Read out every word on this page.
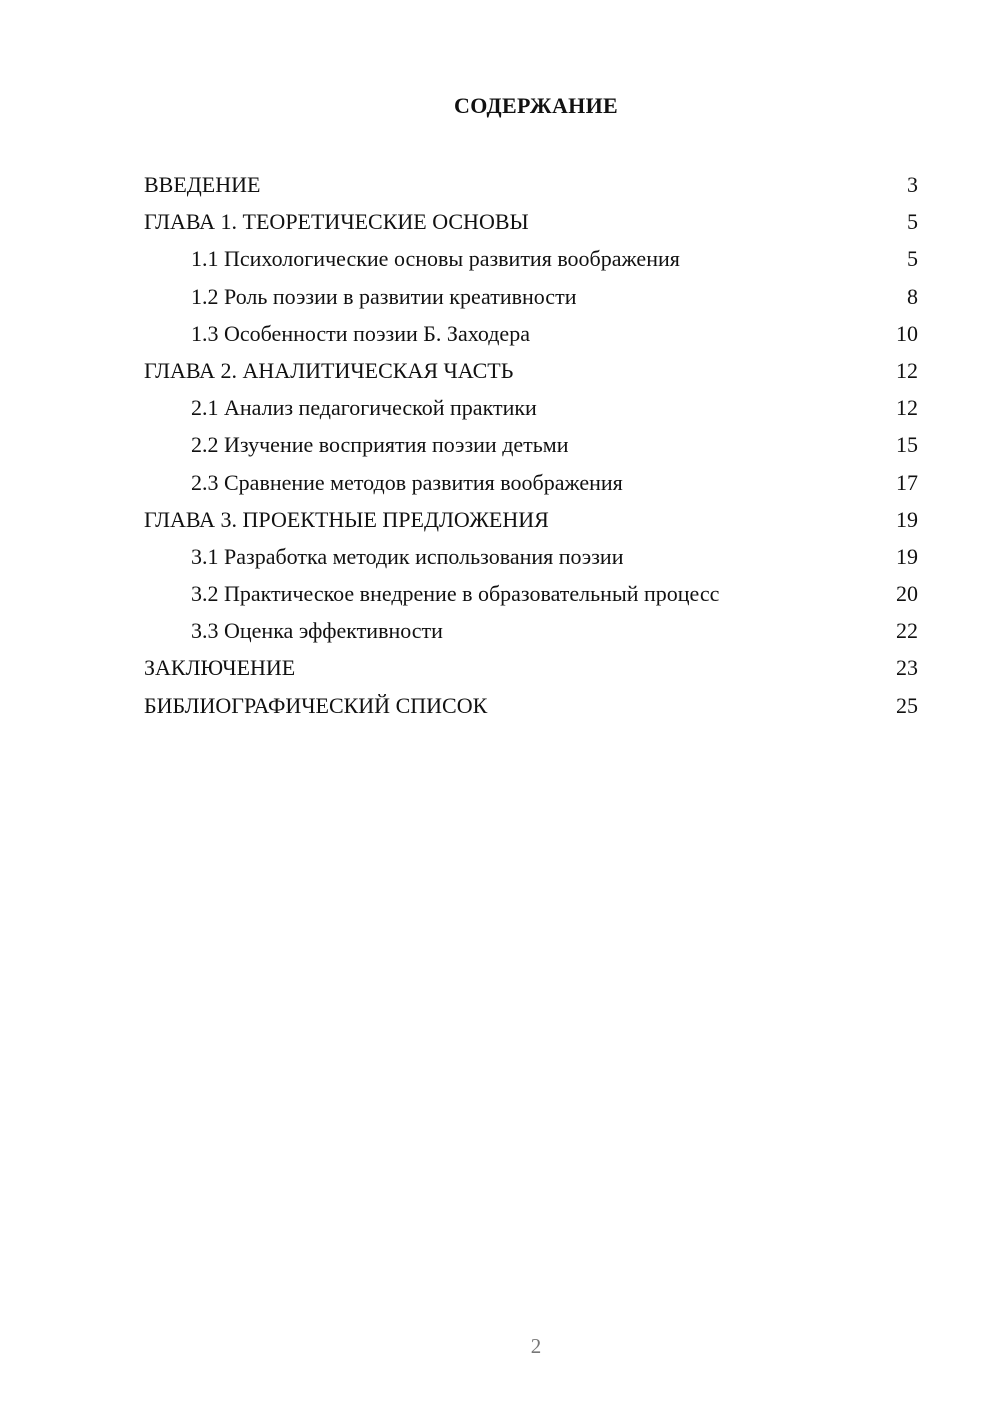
СОДЕРЖАНИЕ
ВВЕДЕНИЕ	3
ГЛАВА 1. ТЕОРЕТИЧЕСКИЕ ОСНОВЫ	5
1.1 Психологические основы развития воображения	5
1.2 Роль поэзии в развитии креативности	8
1.3 Особенности поэзии Б. Заходера	10
ГЛАВА 2. АНАЛИТИЧЕСКАЯ ЧАСТЬ	12
2.1 Анализ педагогической практики	12
2.2 Изучение восприятия поэзии детьми	15
2.3 Сравнение методов развития воображения	17
ГЛАВА 3. ПРОЕКТНЫЕ ПРЕДЛОЖЕНИЯ	19
3.1 Разработка методик использования поэзии	19
3.2 Практическое внедрение в образовательный процесс	20
3.3 Оценка эффективности	22
ЗАКЛЮЧЕНИЕ	23
БИБЛИОГРАФИЧЕСКИЙ СПИСОК	25
2
